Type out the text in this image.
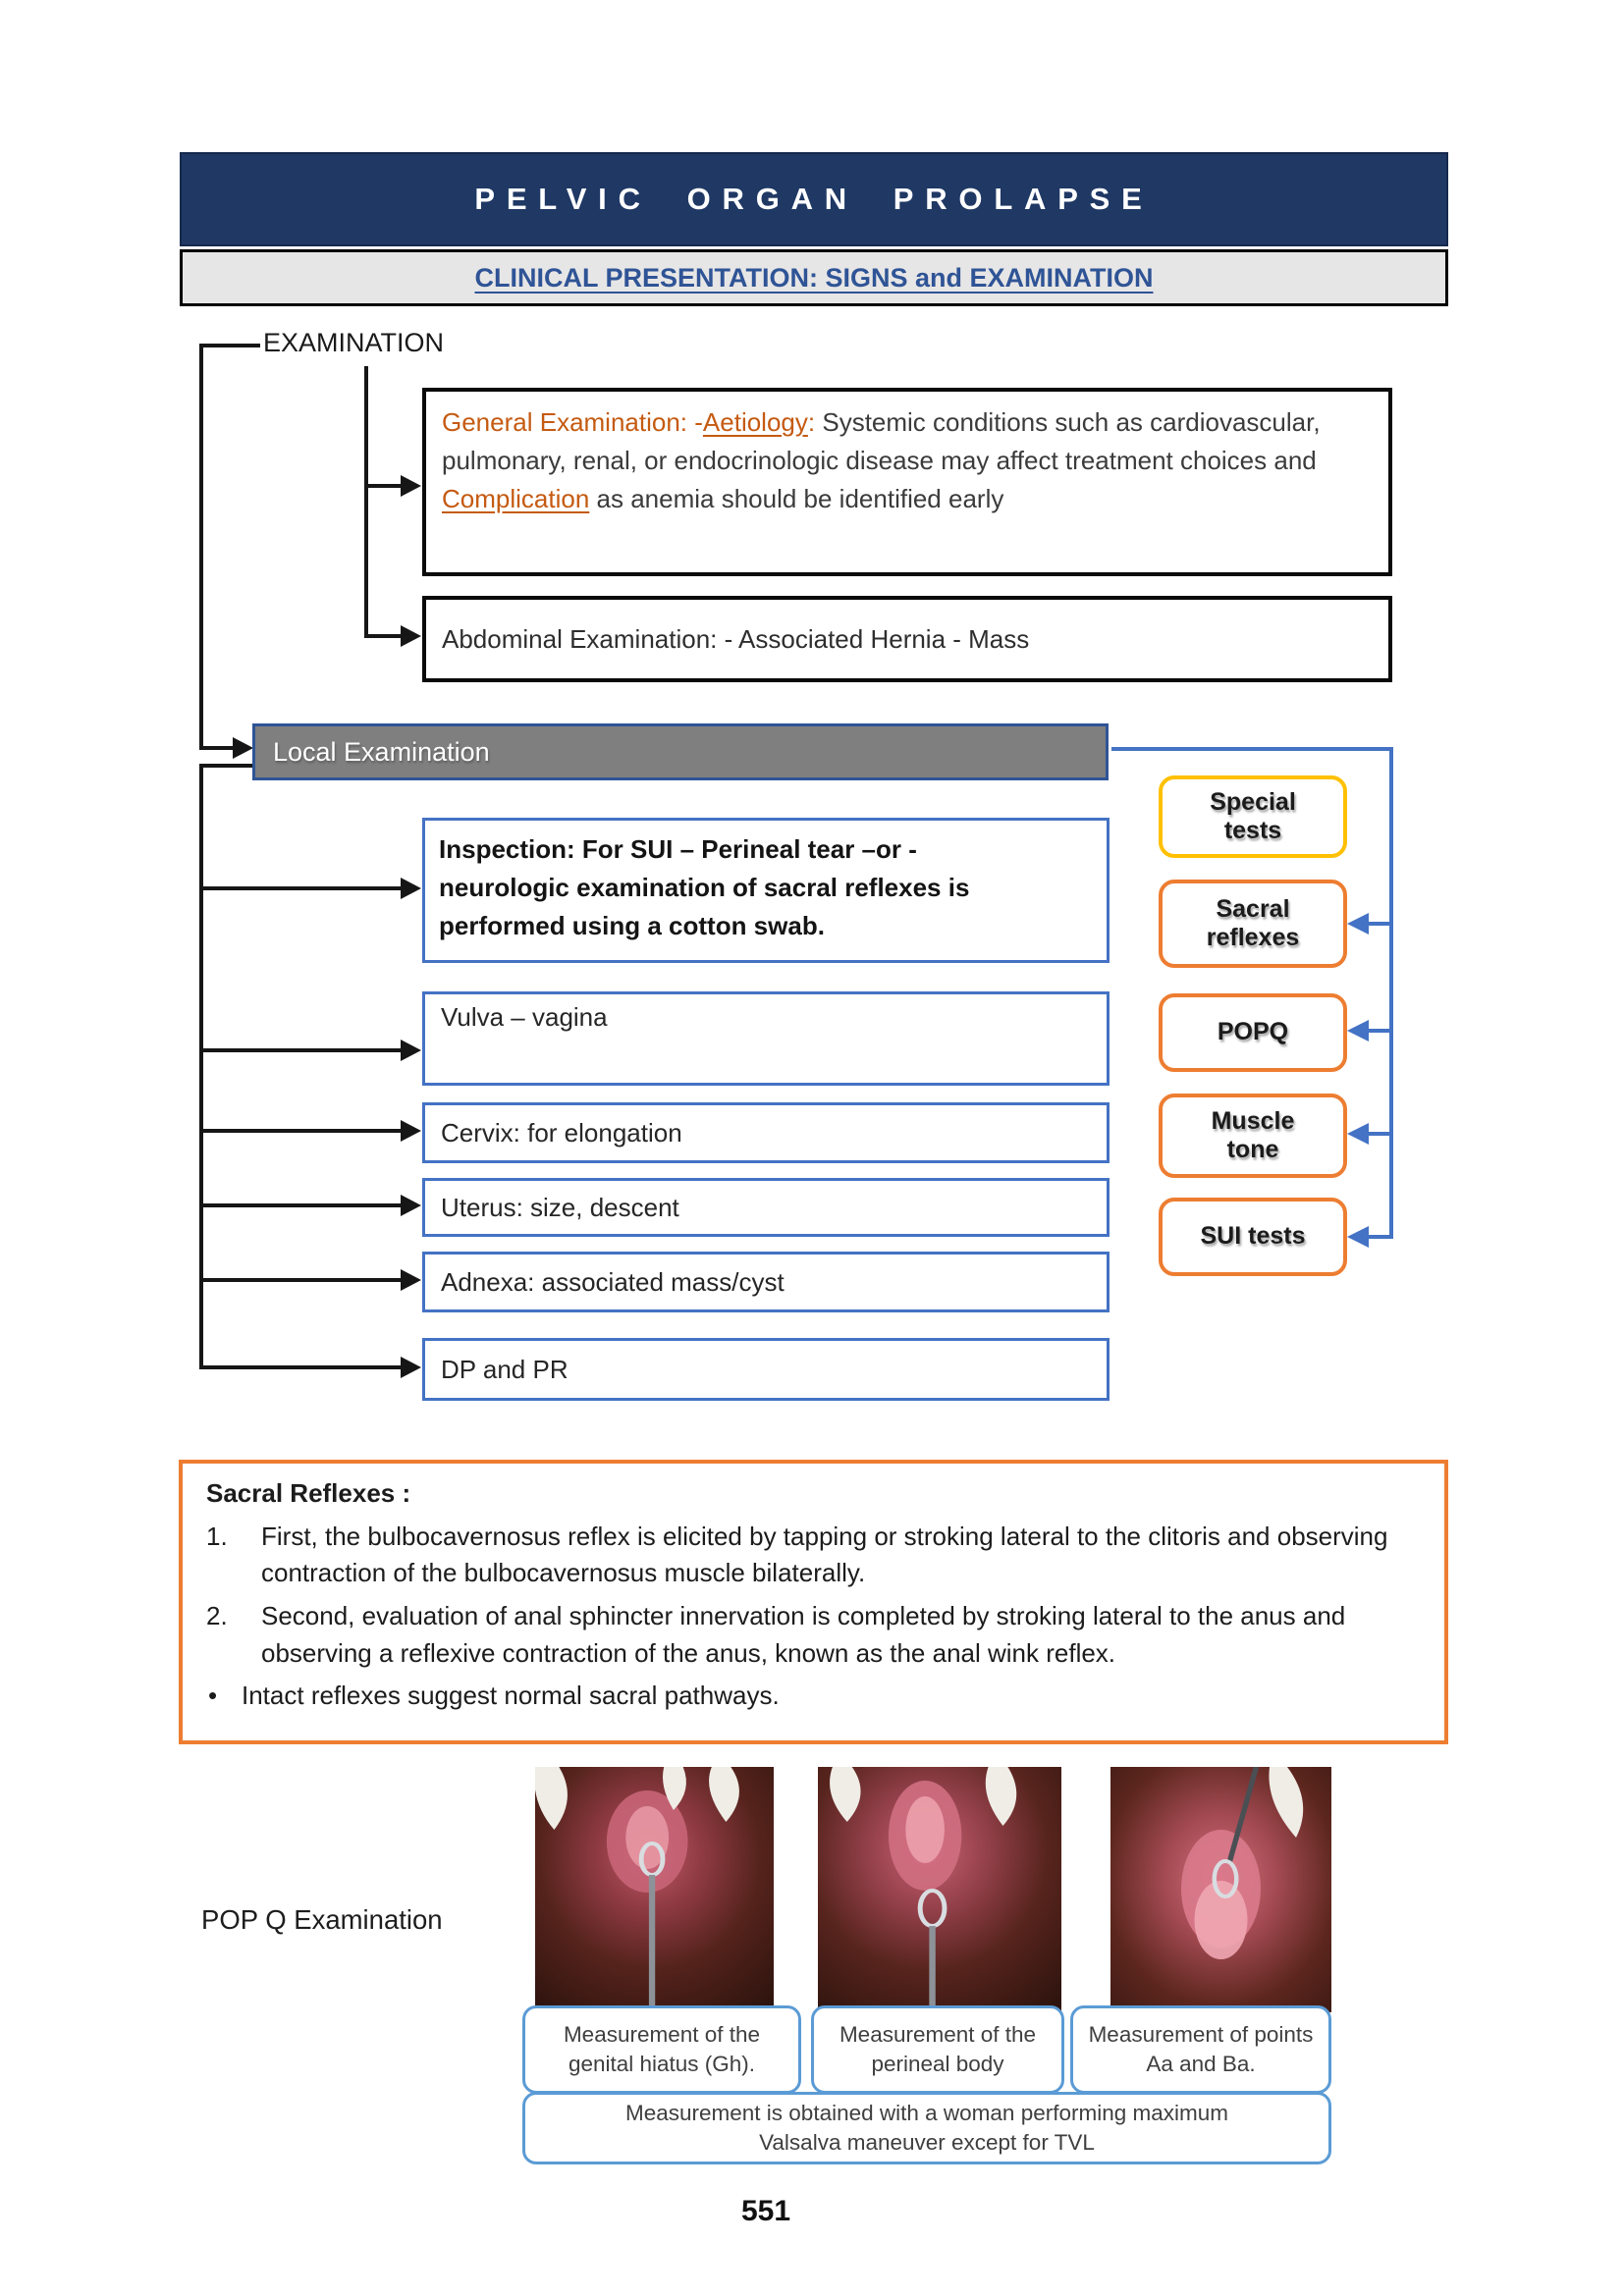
PELVIC ORGAN PROLAPSE
CLINICAL PRESENTATION: SIGNS and EXAMINATION
EXAMINATION
General Examination: -Aetiology: Systemic conditions such as cardiovascular, pulmonary, renal, or endocrinologic disease may affect treatment choices and Complication as anemia should be identified early
Abdominal Examination: - Associated Hernia - Mass
Local Examination
Inspection: For SUI – Perineal tear –or - neurologic examination of sacral reflexes is performed using a cotton swab.
Vulva – vagina
Cervix: for elongation
Uterus: size, descent
Adnexa: associated mass/cyst
DP and PR
Special tests
Sacral reflexes
POPQ
Muscle tone
SUI tests
Sacral Reflexes :
1.	First, the bulbocavernosus reflex is elicited by tapping or stroking lateral to the clitoris and observing contraction of the bulbocavernosus muscle bilaterally.
2.	Second, evaluation of anal sphincter innervation is completed by stroking lateral to the anus and observing a reflexive contraction of the anus, known as the anal wink reflex.
• Intact reflexes suggest normal sacral pathways.
POP Q Examination
Measurement of the genital hiatus (Gh).
Measurement of the perineal body
Measurement of points Aa and Ba.
Measurement is obtained with a woman performing maximum Valsalva maneuver except for TVL
551
